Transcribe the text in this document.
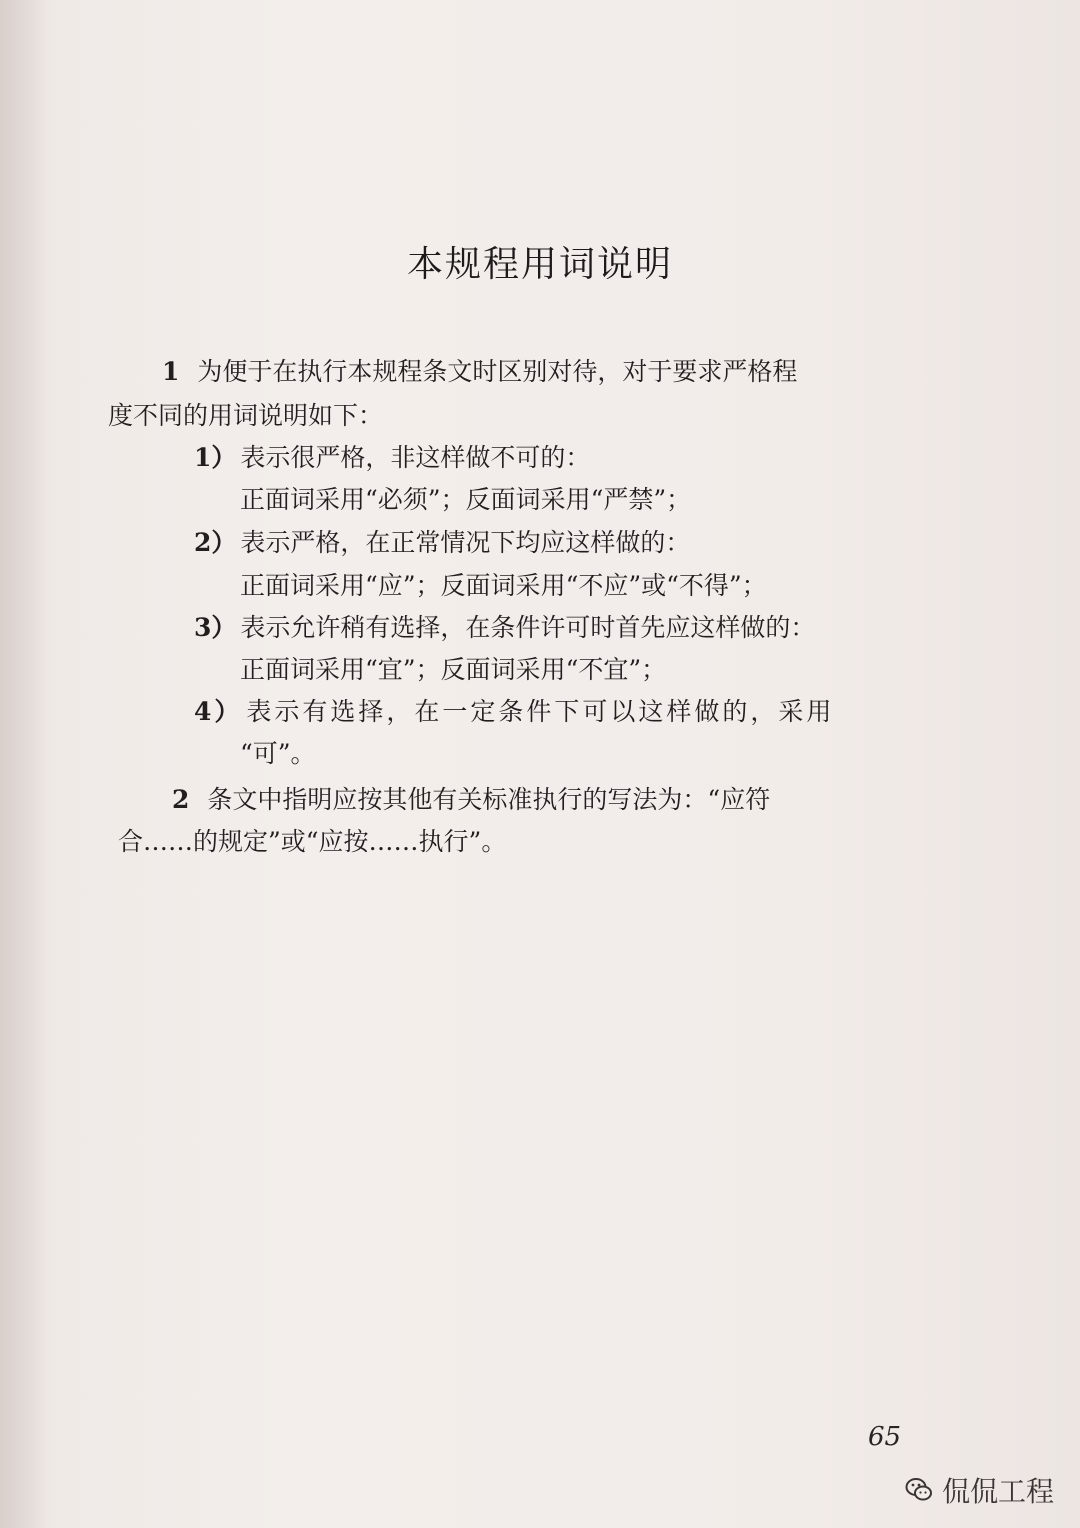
本规程用词说明
1 为便于在执行本规程条文时区别对待，对于要求严格程
度不同的用词说明如下：
1） 表示很严格，非这样做不可的：
正面词采用“必须”；反面词采用“严禁”；
2） 表示严格，在正常情况下均应这样做的：
正面词采用“应”；反面词采用“不应”或“不得”；
3） 表示允许稍有选择，在条件许可时首先应这样做的：
正面词采用“宜”；反面词采用“不宜”；
4） 表示有选择，在一定条件下可以这样做的，采用
“可”。
2 条文中指明应按其他有关标准执行的写法为：“应符
合……的规定”或“应按……执行”。
65
侃侃工程
